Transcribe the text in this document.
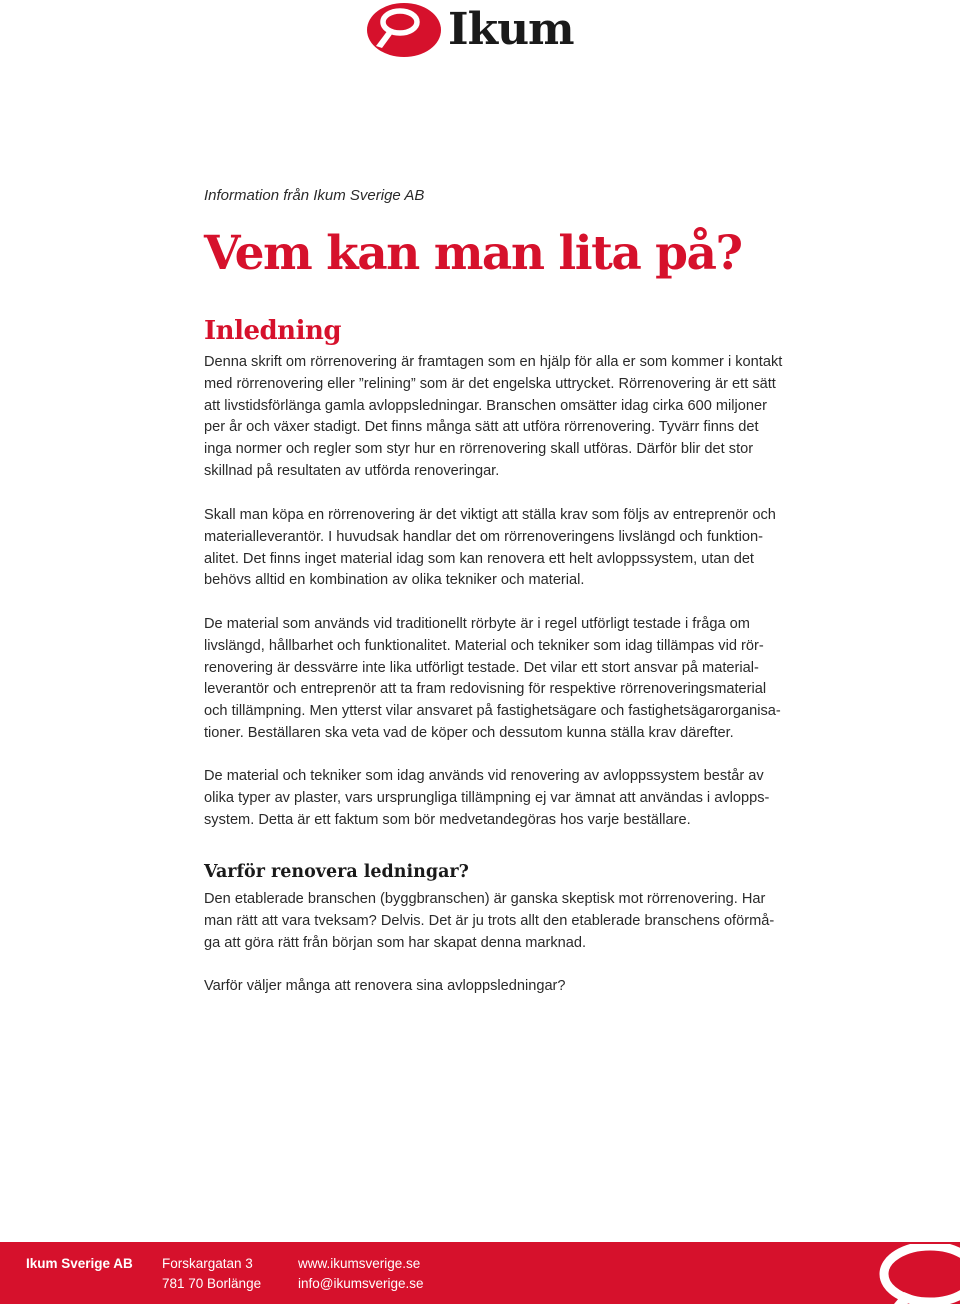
Ikum
Information från Ikum Sverige AB
Vem kan man lita på?
Inledning

Denna skrift om rörrenovering är framtagen som en hjälp för alla er som kommer i kontakt
med rörrenovering eller ”relining” som är det engelska uttrycket. Rörrenovering är ett sätt
att livstidsförlänga gamla avloppsledningar. Branschen omsätter idag cirka 600 miljoner
per år och växer stadigt. Det finns många sätt att utföra rörrenovering. Tyvärr finns det
inga normer och regler som styr hur en rörrenovering skall utföras. Därför blir det stor
skillnad på resultaten av utförda renoveringar.

Skall man köpa en rörrenovering är det viktigt att ställa krav som följs av entreprenör och
materialleverantör. I huvudsak handlar det om rörrenoveringens livslängd och funktion-
alitet. Det finns inget material idag som kan renovera ett helt avloppssystem, utan det
behövs alltid en kombination av olika tekniker och material.

De material som används vid traditionellt rörbyte är i regel utförligt testade i fråga om
livslängd, hållbarhet och funktionalitet. Material och tekniker som idag tillämpas vid rör-
renovering är dessvärre inte lika utförligt testade. Det vilar ett stort ansvar på material-
leverantör och entreprenör att ta fram redovisning för respektive rörrenoveringsmaterial
och tillämpning. Men ytterst vilar ansvaret på fastighetsägare och fastighetsägarorganisa-
tioner. Beställaren ska veta vad de köper och dessutom kunna ställa krav därefter.

De material och tekniker som idag används vid renovering av avloppssystem består av
olika typer av plaster, vars ursprungliga tillämpning ej var ämnat att användas i avlopps-
system. Detta är ett faktum som bör medvetandegöras hos varje beställare.

Varför renovera ledningar?

Den etablerade branschen (byggbranschen) är ganska skeptisk mot rörrenovering. Har
man rätt att vara tveksam? Delvis. Det är ju trots allt den etablerade branschens oförmå-
ga att göra rätt från början som har skapat denna marknad.

Varför väljer många att renovera sina avloppsledningar?

Ikum Sverige AB Forskargatan 3
781 70 Borlänge
www.ikumsverige.se
info@ikumsverige.se
